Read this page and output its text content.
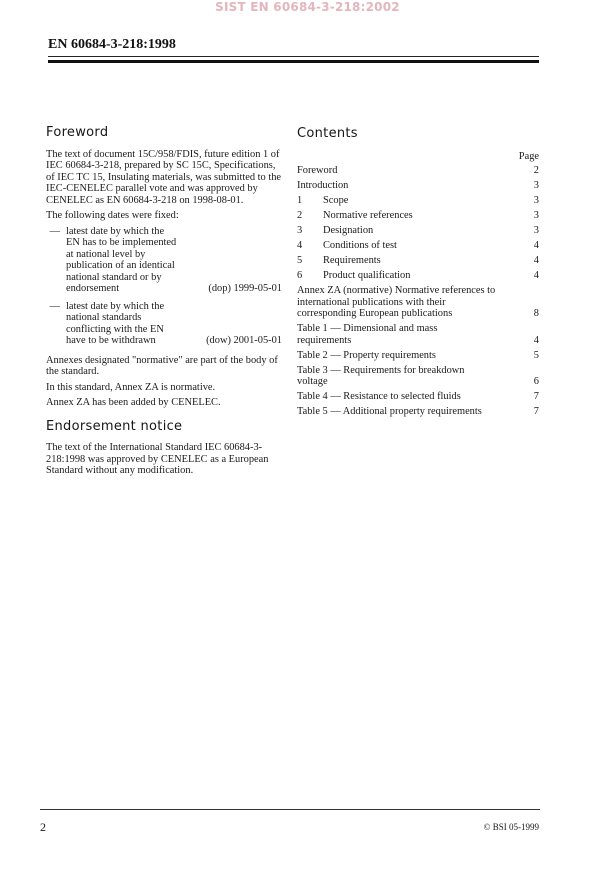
SIST EN 60684-3-218:2002
EN 60684-3-218:1998
Foreword

The text of document 15C/958/FDIS, future edition 1 of IEC 60684-3-218, prepared by SC 15C, Specifications, of IEC TC 15, Insulating materials, was submitted to the IEC-CENELEC parallel vote and was approved by CENELEC as EN 60684-3-218 on 1998-08-01.

The following dates were fixed:

— latest date by which the
EN has to be implemented
at national level by
publication of an identical
national standard or by
endorsement	(dop) 1999-05-01
— latest date by which the
national standards
conflicting with the EN
have to be withdrawn	(dow) 2001-05-01

Annexes designated "normative" are part of the body of the standard.

In this standard, Annex ZA is normative.

Annex ZA has been added by CENELEC.

Endorsement notice

The text of the International Standard IEC 60684-3-218:1998 was approved by CENELEC as a European Standard without any modification.

Contents
Page
Foreword	2
Introduction	3
1	Scope	3
2	Normative references	3
3	Designation	3
4	Conditions of test	4
5	Requirements	4
6	Product qualification	4
Annex ZA (normative) Normative references to international publications with their corresponding European publications	8
Table 1 — Dimensional and mass requirements	4
Table 2 — Property requirements	5
Table 3 — Requirements for breakdown voltage	6
Table 4 — Resistance to selected fluids	7
Table 5 — Additional property requirements	7
2	© BSI 05-1999
